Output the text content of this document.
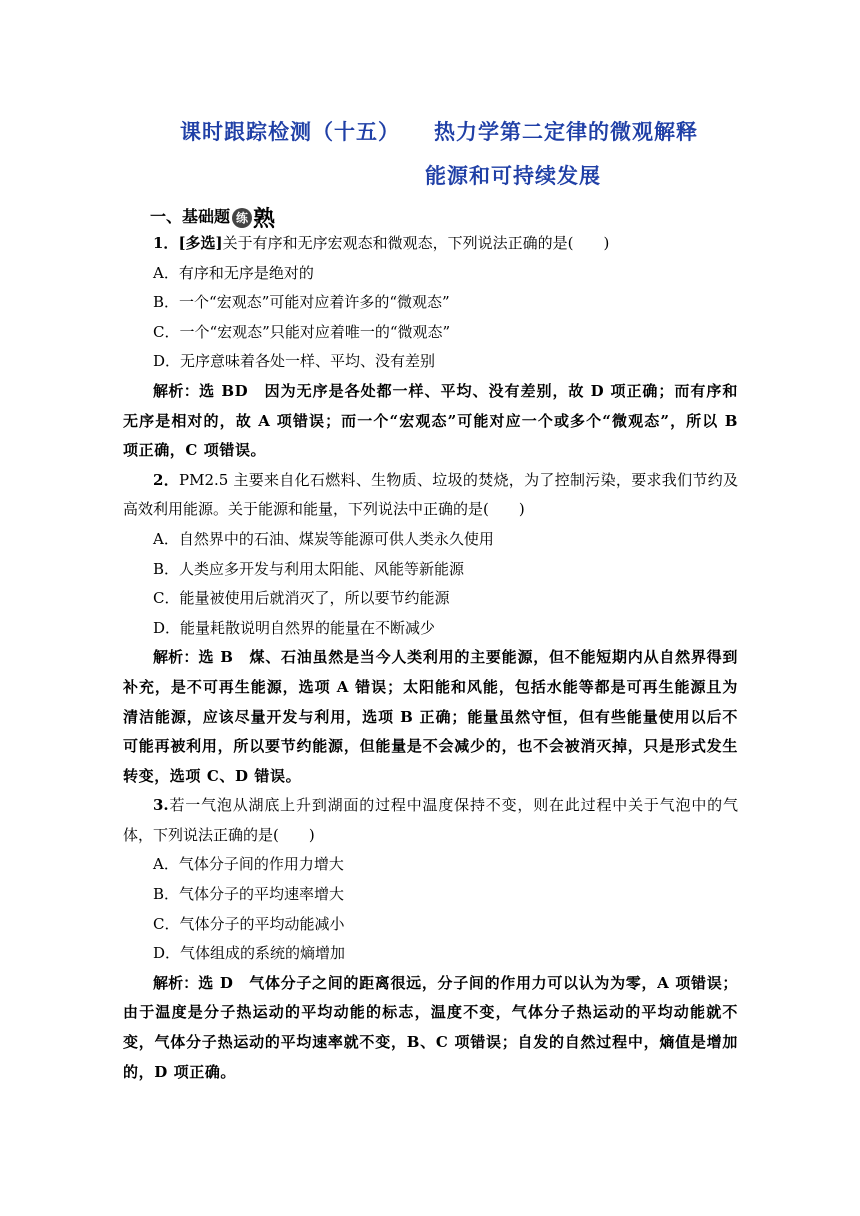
课时跟踪检测（十五） 热力学第二定律的微观解释
能源和可持续发展
一、基础题 练 熟

1．[多选]关于有序和无序宏观态和微观态，下列说法正确的是(　　)

A．有序和无序是绝对的

B．一个“宏观态”可能对应着许多的“微观态”

C．一个“宏观态”只能对应着唯一的“微观态”

D．无序意味着各处一样、平均、没有差别

解析：选 BD　因为无序是各处都一样、平均、没有差别，故 D 项正确；而有序和无序是相对的，故 A 项错误；而一个“宏观态”可能对应一个或多个“微观态”，所以 B 项正确，C 项错误。

2．PM2.5 主要来自化石燃料、生物质、垃圾的焚烧，为了控制污染，要求我们节约及高效利用能源。关于能源和能量，下列说法中正确的是(　　)

A．自然界中的石油、煤炭等能源可供人类永久使用

B．人类应多开发与利用太阳能、风能等新能源

C．能量被使用后就消灭了，所以要节约能源

D．能量耗散说明自然界的能量在不断减少

解析：选 B　煤、石油虽然是当今人类利用的主要能源，但不能短期内从自然界得到补充，是不可再生能源，选项 A 错误；太阳能和风能，包括水能等都是可再生能源且为清洁能源，应该尽量开发与利用，选项 B 正确；能量虽然守恒，但有些能量使用以后不可能再被利用，所以要节约能源，但能量是不会减少的，也不会被消灭掉，只是形式发生转变，选项 C、D 错误。

3.若一气泡从湖底上升到湖面的过程中温度保持不变，则在此过程中关于气泡中的气体，下列说法正确的是(　　)

A．气体分子间的作用力增大

B．气体分子的平均速率增大

C．气体分子的平均动能减小

D．气体组成的系统的熵增加

解析：选 D　气体分子之间的距离很远，分子间的作用力可以认为为零，A 项错误；由于温度是分子热运动的平均动能的标志，温度不变，气体分子热运动的平均动能就不变，气体分子热运动的平均速率就不变，B、C 项错误；自发的自然过程中，熵值是增加的，D 项正确。
